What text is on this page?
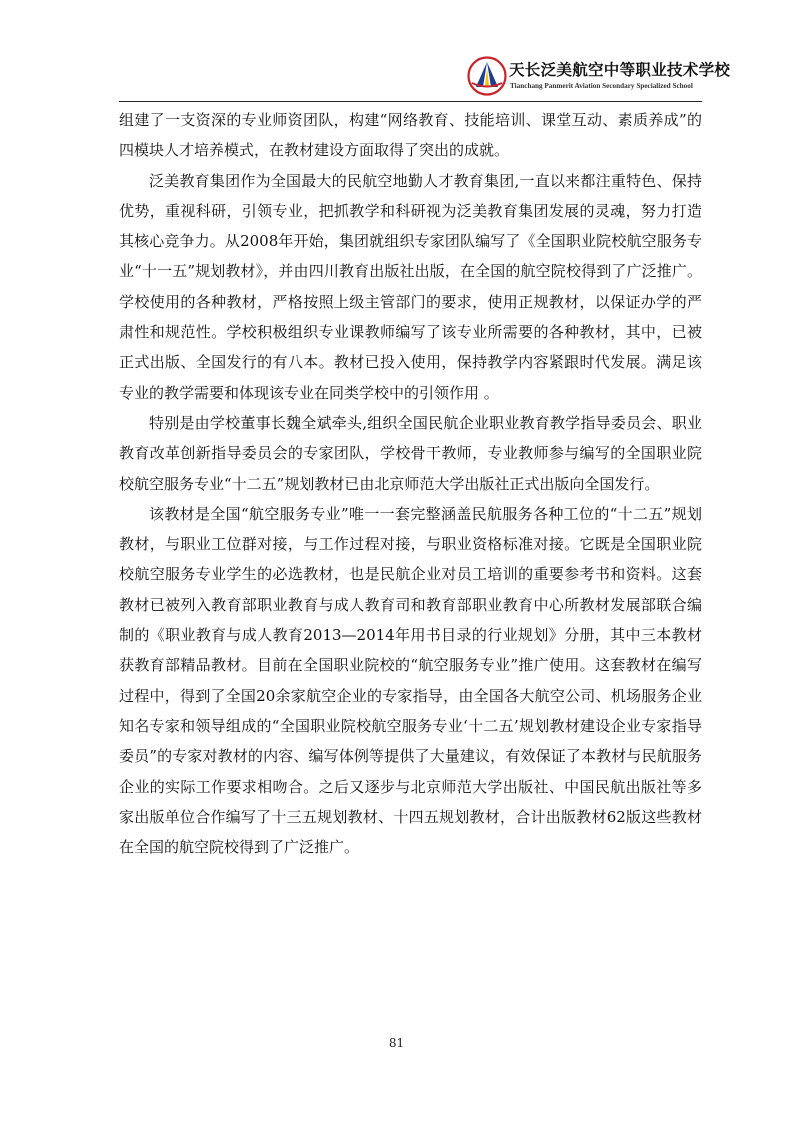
天长泛美航空中等职业技术学校
Tianchang Panmerit Aviation Secondary Specialized School

组建了一支资深的专业师资团队，构建“网络教育、技能培训、课堂互动、素质养成”的四模块人才培养模式，在教材建设方面取得了突出的成就。

泛美教育集团作为全国最大的民航空地勤人才教育集团,一直以来都注重特色、保持优势，重视科研，引领专业，把抓教学和科研视为泛美教育集团发展的灵魂，努力打造其核心竞争力。从2008年开始，集团就组织专家团队编写了《全国职业院校航空服务专业“十一五”规划教材》，并由四川教育出版社出版，在全国的航空院校得到了广泛推广。学校使用的各种教材，严格按照上级主管部门的要求，使用正规教材，以保证办学的严肃性和规范性。学校积极组织专业课教师编写了该专业所需要的各种教材，其中，已被正式出版、全国发行的有八本。教材已投入使用，保持教学内容紧跟时代发展。满足该专业的教学需要和体现该专业在同类学校中的引领作用 。

特别是由学校董事长魏全斌牵头,组织全国民航企业职业教育教学指导委员会、职业教育改革创新指导委员会的专家团队，学校骨干教师，专业教师参与编写的全国职业院校航空服务专业“十二五”规划教材已由北京师范大学出版社正式出版向全国发行。

该教材是全国“航空服务专业”唯一一套完整涵盖民航服务各种工位的“十二五”规划教材，与职业工位群对接，与工作过程对接，与职业资格标准对接。它既是全国职业院校航空服务专业学生的必选教材，也是民航企业对员工培训的重要参考书和资料。这套教材已被列入教育部职业教育与成人教育司和教育部职业教育中心所教材发展部联合编制的《职业教育与成人教育2013—2014年用书目录的行业规划》分册，其中三本教材获教育部精品教材。目前在全国职业院校的“航空服务专业”推广使用。这套教材在编写过程中，得到了全国20余家航空企业的专家指导，由全国各大航空公司、机场服务企业知名专家和领导组成的“全国职业院校航空服务专业‘十二五’规划教材建设企业专家指导委员”的专家对教材的内容、编写体例等提供了大量建议，有效保证了本教材与民航服务企业的实际工作要求相吻合。之后又逐步与北京师范大学出版社、中国民航出版社等多家出版单位合作编写了十三五规划教材、十四五规划教材，合计出版教材62版这些教材在全国的航空院校得到了广泛推广。

81
